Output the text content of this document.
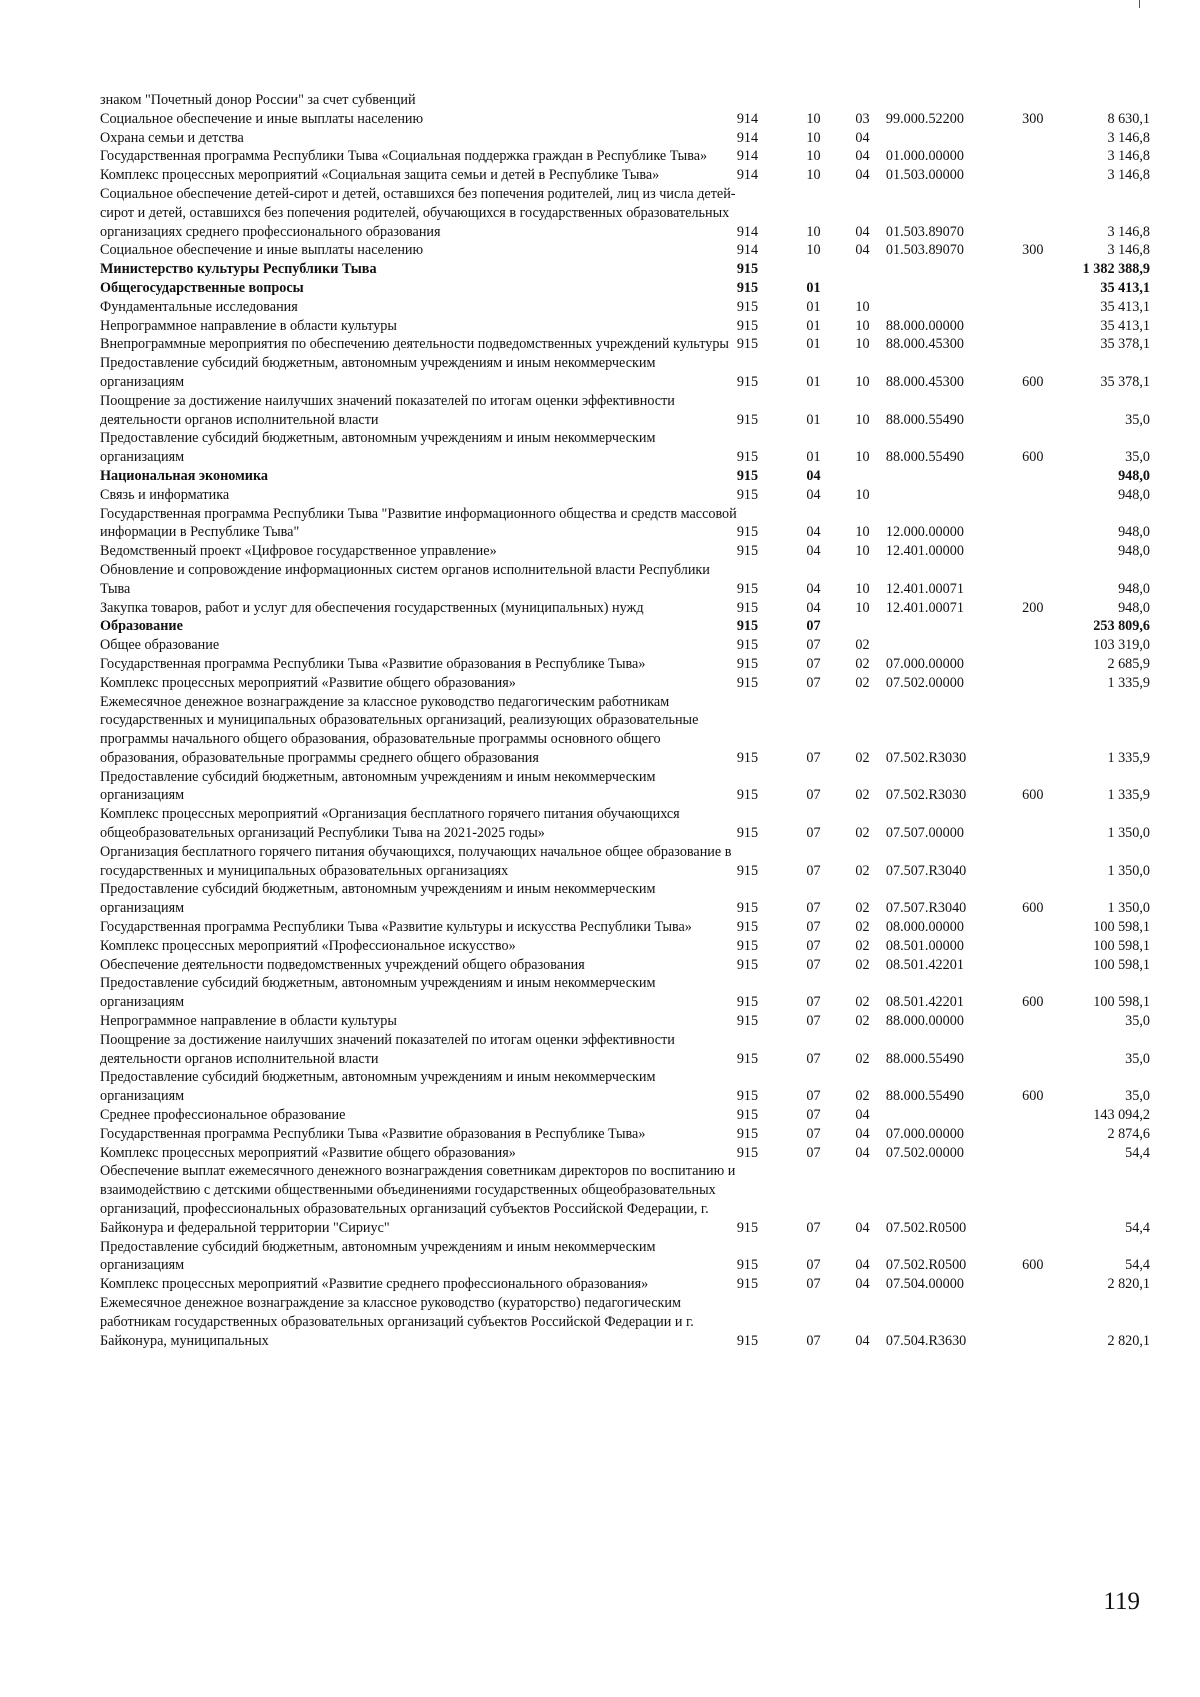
знаком "Почетный донор России" за счет субвенций						
Социальное обеспечение и иные выплаты населению	914	10	03	99.000.52200	300	8 630,1
Охрана семьи и детства	914	10	04			3 146,8
Государственная программа Республики Тыва «Социальная поддержка граждан в Республике Тыва»	914	10	04	01.000.00000		3 146,8
Комплекс процессных мероприятий «Социальная защита семьи и детей в Республике Тыва»	914	10	04	01.503.00000		3 146,8
Социальное обеспечение детей-сирот и детей, оставшихся без попечения родителей, лиц из числа детей-сирот и детей, оставшихся без попечения родителей, обучающихся в государственных образовательных организациях среднего профессионального образования	914	10	04	01.503.89070		3 146,8
Социальное обеспечение и иные выплаты населению	914	10	04	01.503.89070	300	3 146,8
Министерство культуры Республики Тыва	915					1 382 388,9
Общегосударственные вопросы	915	01				35 413,1
Фундаментальные исследования	915	01	10			35 413,1
Непрограммное направление в области культуры	915	01	10	88.000.00000		35 413,1
Внепрограммные мероприятия по обеспечению деятельности подведомственных учреждений культуры	915	01	10	88.000.45300		35 378,1
Предоставление субсидий бюджетным, автономным учреждениям и иным некоммерческим организациям	915	01	10	88.000.45300	600	35 378,1
Поощрение за достижение наилучших значений показателей по итогам оценки эффективности деятельности органов исполнительной власти	915	01	10	88.000.55490		35,0
Предоставление субсидий бюджетным, автономным учреждениям и иным некоммерческим организациям	915	01	10	88.000.55490	600	35,0
Национальная экономика	915	04				948,0
Связь и информатика	915	04	10			948,0
Государственная программа Республики Тыва "Развитие информационного общества и средств массовой информации в Республике Тыва"	915	04	10	12.000.00000		948,0
Ведомственный проект «Цифровое государственное управление»	915	04	10	12.401.00000		948,0
Обновление и сопровождение информационных систем органов исполнительной власти Республики Тыва	915	04	10	12.401.00071		948,0
Закупка товаров, работ и услуг для обеспечения государственных (муниципальных) нужд	915	04	10	12.401.00071	200	948,0
Образование	915	07				253 809,6
Общее образование	915	07	02			103 319,0
Государственная программа Республики Тыва «Развитие образования в Республике Тыва»	915	07	02	07.000.00000		2 685,9
Комплекс процессных мероприятий «Развитие общего образования»	915	07	02	07.502.00000		1 335,9
Ежемесячное денежное вознаграждение за классное руководство педагогическим работникам государственных и муниципальных образовательных организаций, реализующих образовательные программы начального общего образования, образовательные программы основного общего образования, образовательные программы среднего общего образования	915	07	02	07.502.R3030		1 335,9
Предоставление субсидий бюджетным, автономным учреждениям и иным некоммерческим организациям	915	07	02	07.502.R3030	600	1 335,9
Комплекс процессных мероприятий «Организация бесплатного горячего питания обучающихся общеобразовательных организаций Республики Тыва на 2021-2025 годы»	915	07	02	07.507.00000		1 350,0
Организация бесплатного горячего питания обучающихся, получающих начальное общее образование в государственных и муниципальных образовательных организациях	915	07	02	07.507.R3040		1 350,0
Предоставление субсидий бюджетным, автономным учреждениям и иным некоммерческим организациям	915	07	02	07.507.R3040	600	1 350,0
Государственная программа Республики Тыва «Развитие культуры и искусства Республики Тыва»	915	07	02	08.000.00000		100 598,1
Комплекс процессных мероприятий «Профессиональное искусство»	915	07	02	08.501.00000		100 598,1
Обеспечение деятельности подведомственных учреждений общего образования	915	07	02	08.501.42201		100 598,1
Предоставление субсидий бюджетным, автономным учреждениям и иным некоммерческим организациям	915	07	02	08.501.42201	600	100 598,1
Непрограммное направление в области культуры	915	07	02	88.000.00000		35,0
Поощрение за достижение наилучших значений показателей по итогам оценки эффективности деятельности органов исполнительной власти	915	07	02	88.000.55490		35,0
Предоставление субсидий бюджетным, автономным учреждениям и иным некоммерческим организациям	915	07	02	88.000.55490	600	35,0
Среднее профессиональное образование	915	07	04			143 094,2
Государственная программа Республики Тыва «Развитие образования в Республике Тыва»	915	07	04	07.000.00000		2 874,6
Комплекс процессных мероприятий «Развитие общего образования»	915	07	04	07.502.00000		54,4
Обеспечение выплат ежемесячного денежного вознаграждения советникам директоров по воспитанию и взаимодействию с детскими общественными объединениями государственных общеобразовательных организаций, профессиональных образовательных организаций субъектов Российской Федерации, г. Байконура и федеральной территории "Сириус"	915	07	04	07.502.R0500		54,4
Предоставление субсидий бюджетным, автономным учреждениям и иным некоммерческим организациям	915	07	04	07.502.R0500	600	54,4
Комплекс процессных мероприятий «Развитие среднего профессионального образования»	915	07	04	07.504.00000		2 820,1
Ежемесячное денежное вознаграждение за классное руководство (кураторство) педагогическим работникам государственных образовательных организаций субъектов Российской Федерации и г. Байконура, муниципальных	915	07	04	07.504.R3630		2 820,1
119
